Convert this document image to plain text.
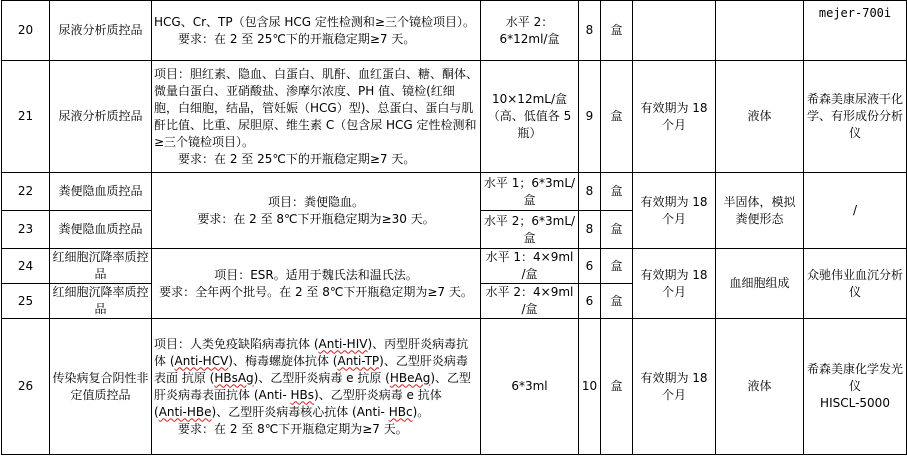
20	尿液分析质控品	HCG、Cr、TP（包含尿 HCG 定性检测和≥三个镜检项目）。
要求：在 2 至 25℃下的开瓶稳定期≥7 天。	水平 2：6*12ml/盒	8	盒			mejer-700i
21	尿液分析质控品	项目：胆红素、隐血、白蛋白、肌酐、血红蛋白、糖、酮体、微量白蛋白、亚硝酸盐、渗摩尔浓度、PH 值、镜检(红细胞，白细胞，结晶，管妊娠（HCG）型)、总蛋白、蛋白与肌酐比值、比重、尿胆原、维生素 C（包含尿 HCG 定性检测和≥三个镜检项目）。
要求：在 2 至 25℃下的开瓶稳定期≥7 天。	10×12mL/盒（高、低值各 5 瓶）	9	盒	有效期为 18 个月	液体	希森美康尿液干化学、有形成份分析仪
22	粪便隐血质控品	项目：粪便隐血。
要求：在 2 至 8℃下开瓶稳定期为≥30 天。	水平 1；6*3mL/盒	8	盒	有效期为 18 个月	半固体，模拟粪便形态	/
23	粪便隐血质控品		水平 2；6*3mL/盒	8	盒			
24	红细胞沉降率质控品	项目：ESR。适用于魏氏法和温氏法。
要求：全年两个批号。在 2 至 8℃下开瓶稳定期为≥7 天。	水平 1：4×9ml /盒	6	盒	有效期为 18 个月	血细胞组成	众驰伟业血沉分析仪
25	红细胞沉降率质控品		水平 2：4×9ml /盒	6	盒			
26	传染病复合阴性非定值质控品	项目：人类免疫缺陷病毒抗体 (Anti-HIV)、丙型肝炎病毒抗体 (Anti-HCV)、梅毒螺旋体抗体 (Anti-TP)、乙型肝炎病毒表面 抗原 (HBsAg)、乙型肝炎病毒 e 抗原 (HBeAg)、乙型肝炎病毒表面抗体 (Anti- HBs)、乙型肝炎病毒 e 抗体 (Anti-HBe)、乙型肝炎病毒核心抗体 (Anti- HBc)。
要求：在 2 至 8℃下开瓶稳定期为≥7 天。	6*3ml	10	盒	有效期为 18 个月	液体	希森美康化学发光仪
HISCL-5000
